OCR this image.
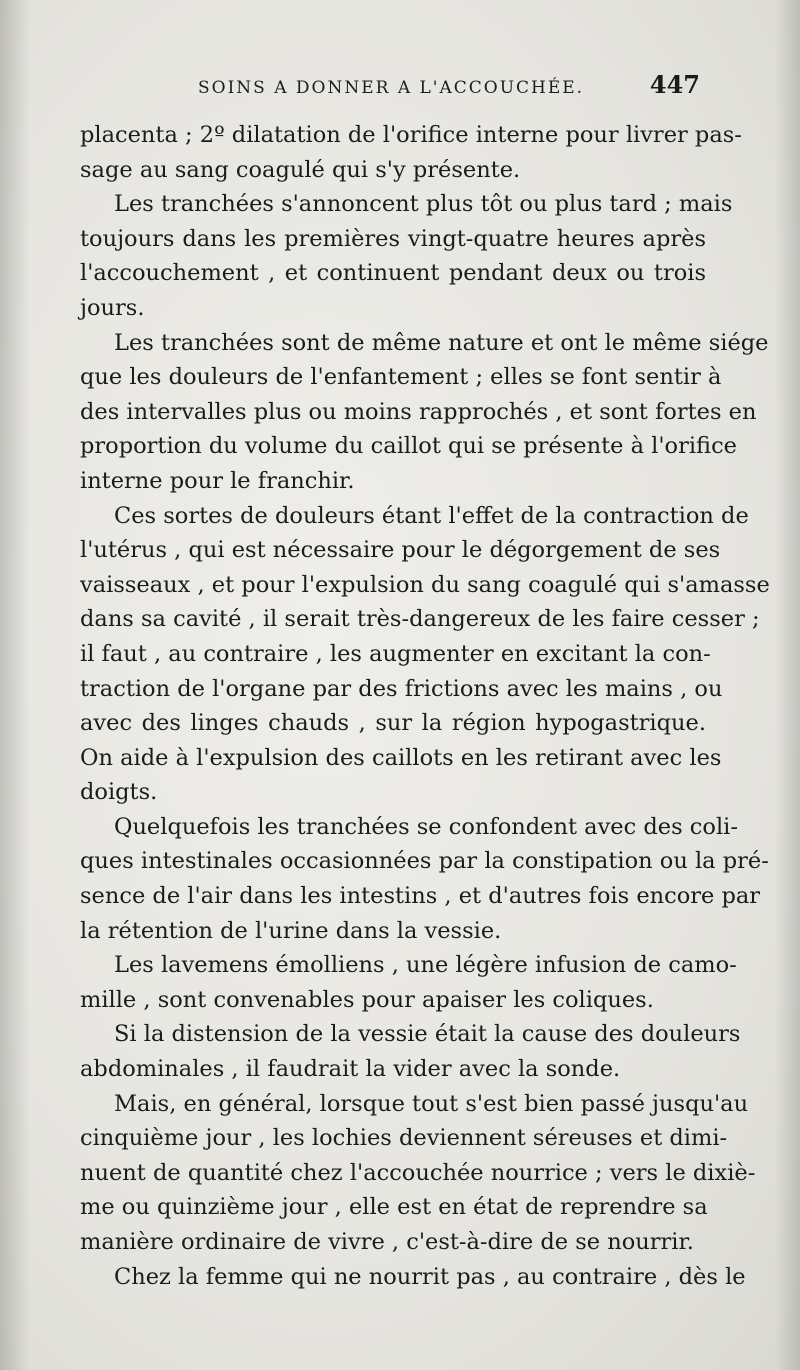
SOINS A DONNER A L'ACCOUCHÉE.	447
placenta ; 2º dilatation de l'orifice interne pour livrer pas-
sage au sang coagulé qui s'y présente.
Les tranchées s'annoncent plus tôt ou plus tard ; mais
toujours dans les premières vingt-quatre heures après
l'accouchement , et continuent pendant deux ou trois
jours.
Les tranchées sont de même nature et ont le même siége
que les douleurs de l'enfantement ; elles se font sentir à
des intervalles plus ou moins rapprochés , et sont fortes en
proportion du volume du caillot qui se présente à l'orifice
interne pour le franchir.
Ces sortes de douleurs étant l'effet de la contraction de
l'utérus , qui est nécessaire pour le dégorgement de ses
vaisseaux , et pour l'expulsion du sang coagulé qui s'amasse
dans sa cavité , il serait très-dangereux de les faire cesser ;
il faut , au contraire , les augmenter en excitant la con-
traction de l'organe par des frictions avec les mains , ou
avec des linges chauds , sur la région hypogastrique.
On aide à l'expulsion des caillots en les retirant avec les
doigts.
Quelquefois les tranchées se confondent avec des coli-
ques intestinales occasionnées par la constipation ou la pré-
sence de l'air dans les intestins , et d'autres fois encore par
la rétention de l'urine dans la vessie.
Les lavemens émolliens , une légère infusion de camo-
mille , sont convenables pour apaiser les coliques.
Si la distension de la vessie était la cause des douleurs
abdominales , il faudrait la vider avec la sonde.
Mais, en général, lorsque tout s'est bien passé jusqu'au
cinquième jour , les lochies deviennent séreuses et dimi-
nuent de quantité chez l'accouchée nourrice ; vers le dixiè-
me ou quinzième jour , elle est en état de reprendre sa
manière ordinaire de vivre , c'est-à-dire de se nourrir.
Chez la femme qui ne nourrit pas , au contraire , dès le
